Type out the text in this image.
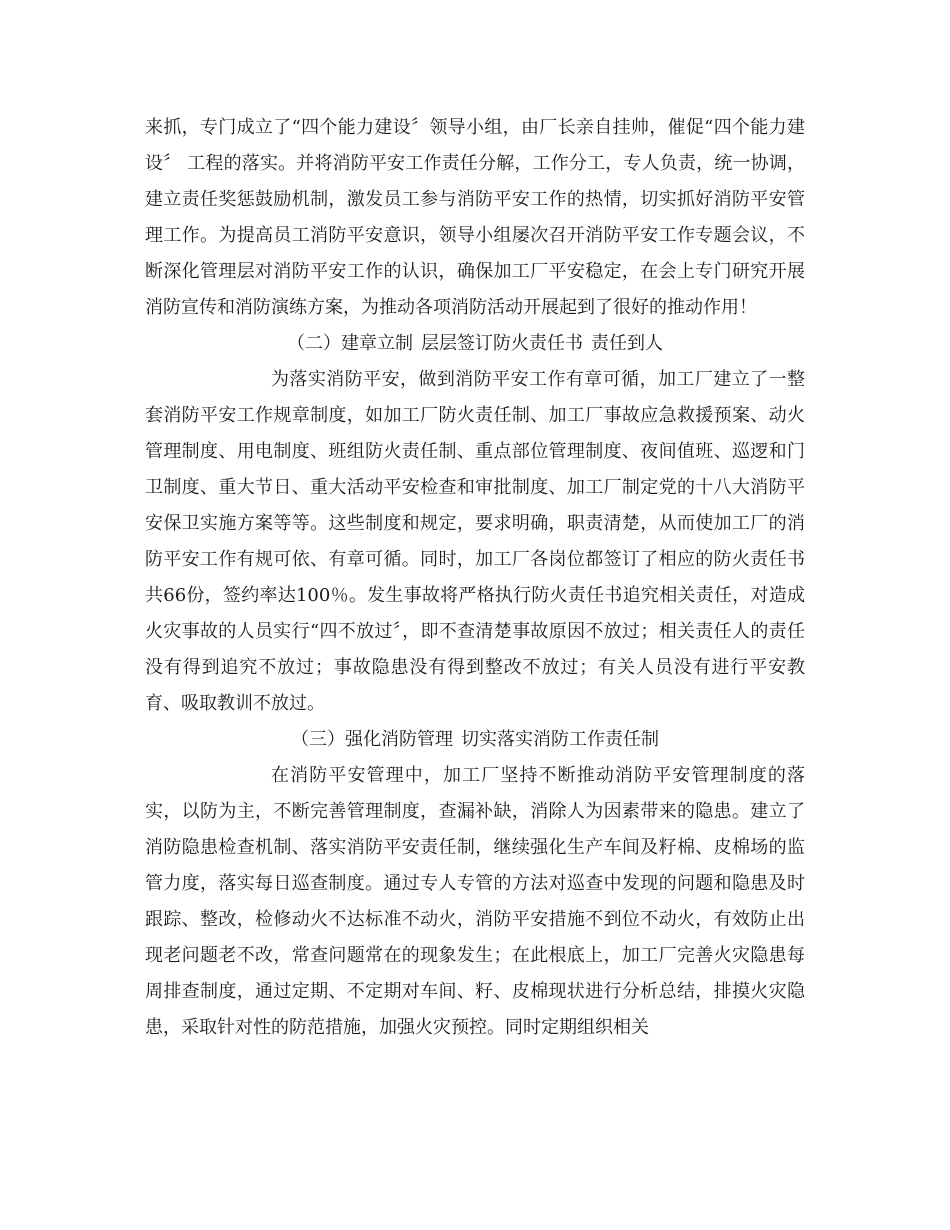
来抓，专门成立了“四个能力建设〞领导小组，由厂长亲自挂帅，催促“四个能力建设〞 工程的落实。并将消防平安工作责任分解，工作分工，专人负责，统一协调，建立责任奖惩鼓励机制，激发员工参与消防平安工作的热情，切实抓好消防平安管理工作。为提高员工消防平安意识，领导小组屡次召开消防平安工作专题会议，不断深化管理层对消防平安工作的认识，确保加工厂平安稳定，在会上专门研究开展消防宣传和消防演练方案，为推动各项消防活动开展起到了很好的推动作用！

（二）建章立制 层层签订防火责任书 责任到人

为落实消防平安，做到消防平安工作有章可循，加工厂建立了一整套消防平安工作规章制度，如加工厂防火责任制、加工厂事故应急救援预案、动火管理制度、用电制度、班组防火责任制、重点部位管理制度、夜间值班、巡逻和门卫制度、重大节日、重大活动平安检查和审批制度、加工厂制定党的十八大消防平安保卫实施方案等等。这些制度和规定，要求明确，职责清楚，从而使加工厂的消防平安工作有规可依、有章可循。同时，加工厂各岗位都签订了相应的防火责任书共66份，签约率达100％。发生事故将严格执行防火责任书追究相关责任，对造成火灾事故的人员实行“四不放过〞，即不查清楚事故原因不放过；相关责任人的责任没有得到追究不放过；事故隐患没有得到整改不放过；有关人员没有进行平安教育、吸取教训不放过。

（三）强化消防管理 切实落实消防工作责任制

在消防平安管理中，加工厂坚持不断推动消防平安管理制度的落实，以防为主，不断完善管理制度，查漏补缺，消除人为因素带来的隐患。建立了消防隐患检查机制、落实消防平安责任制，继续强化生产车间及籽棉、皮棉场的监管力度，落实每日巡查制度。通过专人专管的方法对巡查中发现的问题和隐患及时跟踪、整改，检修动火不达标准不动火，消防平安措施不到位不动火，有效防止出现老问题老不改，常查问题常在的现象发生；在此根底上，加工厂完善火灾隐患每周排查制度，通过定期、不定期对车间、籽、皮棉现状进行分析总结，排摸火灾隐患，采取针对性的防范措施，加强火灾预控。同时定期组织相关
